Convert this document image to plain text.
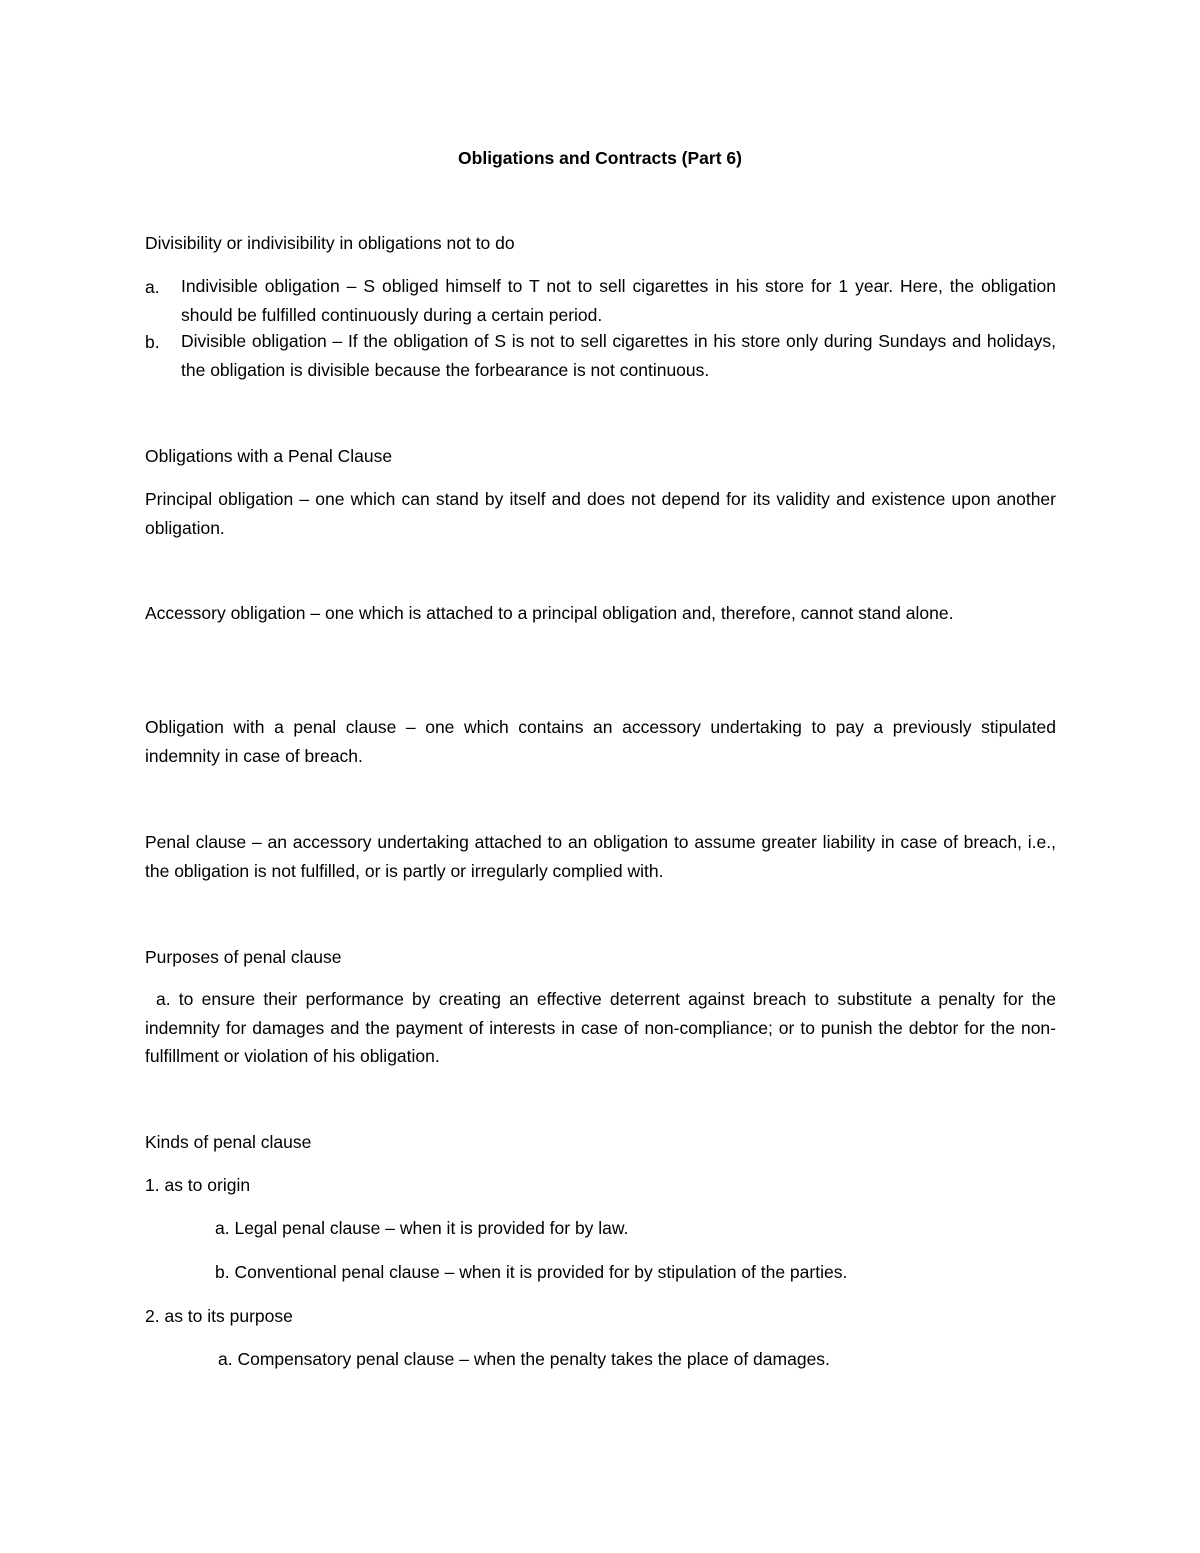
Obligations and Contracts (Part 6)

Divisibility or indivisibility in obligations not to do

a. Indivisible obligation – S obliged himself to T not to sell cigarettes in his store for 1 year. Here, the obligation should be fulfilled continuously during a certain period.

b. Divisible obligation – If the obligation of S is not to sell cigarettes in his store only during Sundays and holidays, the obligation is divisible because the forbearance is not continuous.

Obligations with a Penal Clause

Principal obligation – one which can stand by itself and does not depend for its validity and existence upon another obligation.

Accessory obligation – one which is attached to a principal obligation and, therefore, cannot stand alone.

Obligation with a penal clause – one which contains an accessory undertaking to pay a previously stipulated indemnity in case of breach.

Penal clause – an accessory undertaking attached to an obligation to assume greater liability in case of breach, i.e., the obligation is not fulfilled, or is partly or irregularly complied with.

Purposes of penal clause

a. to ensure their performance by creating an effective deterrent against breach to substitute a penalty for the indemnity for damages and the payment of interests in case of non-compliance; or to punish the debtor for the non-fulfillment or violation of his obligation.

Kinds of penal clause

1. as to origin

a. Legal penal clause – when it is provided for by law.

b. Conventional penal clause – when it is provided for by stipulation of the parties.

2. as to its purpose

a. Compensatory penal clause – when the penalty takes the place of damages.
